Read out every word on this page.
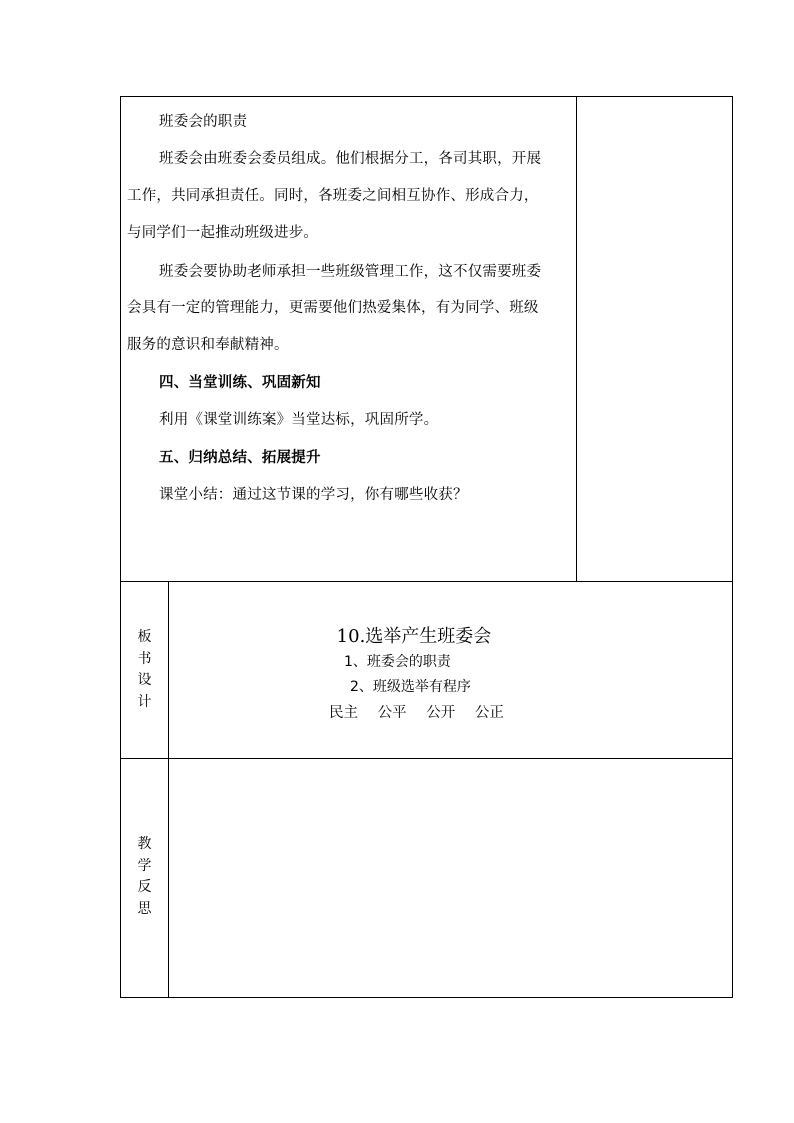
班委会的职责
班委会由班委会委员组成。他们根据分工，各司其职，开展
工作，共同承担责任。同时，各班委之间相互协作、形成合力，
与同学们一起推动班级进步。
班委会要协助老师承担一些班级管理工作，这不仅需要班委
会具有一定的管理能力，更需要他们热爱集体，有为同学、班级
服务的意识和奉献精神。
四、当堂训练、巩固新知
利用《课堂训练案》当堂达标，巩固所学。
五、归纳总结、拓展提升
课堂小结：通过这节课的学习，你有哪些收获？
板
书
设
计
10.选举产生班委会
1、班委会的职责
2、班级选举有程序
民主 公平 公开 公正
教
学
反
思
